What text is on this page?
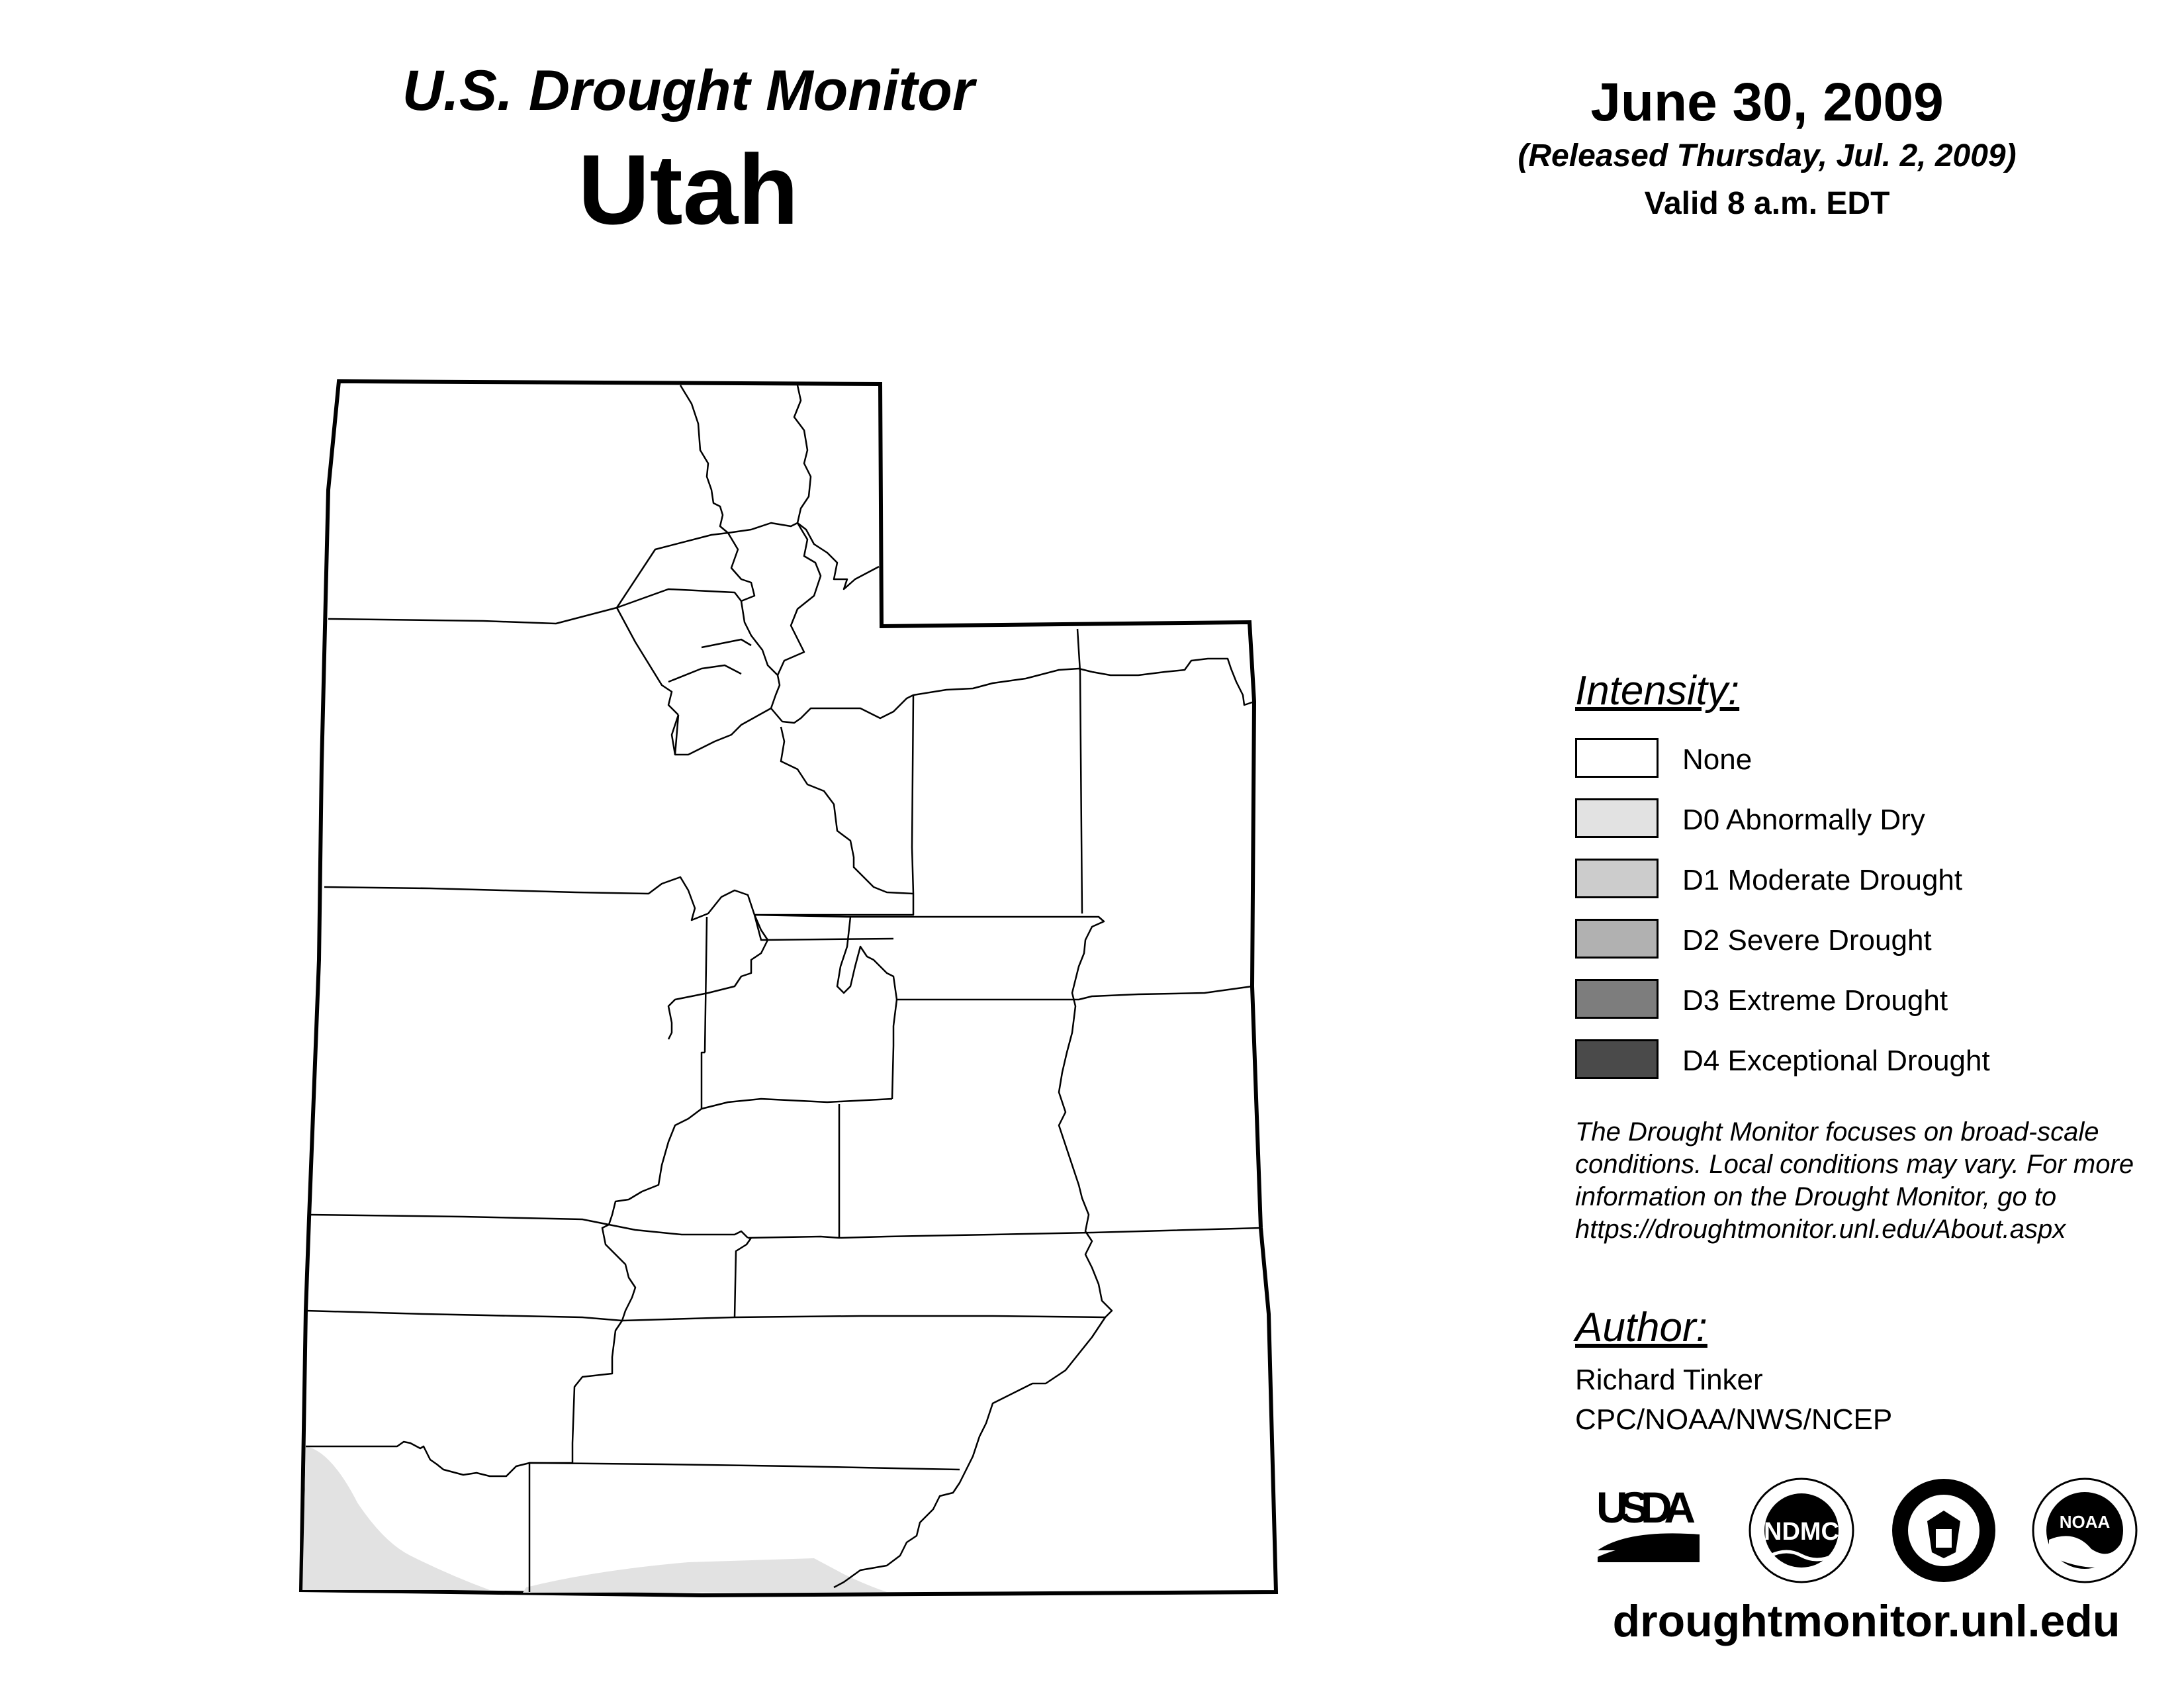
U.S. Drought Monitor
Utah
June 30, 2009
(Released Thursday, Jul. 2, 2009)
Valid 8 a.m. EDT
Intensity:
None
D0 Abnormally Dry
D1 Moderate Drought
D2 Severe Drought
D3 Extreme Drought
D4 Exceptional Drought
The Drought Monitor focuses on broad-scale conditions. Local conditions may vary. For more information on the Drought Monitor, go to https://droughtmonitor.unl.edu/About.aspx
Author:
Richard Tinker
CPC/NOAA/NWS/NCEP
USDA	NDMC	NOAA
droughtmonitor.unl.edu
